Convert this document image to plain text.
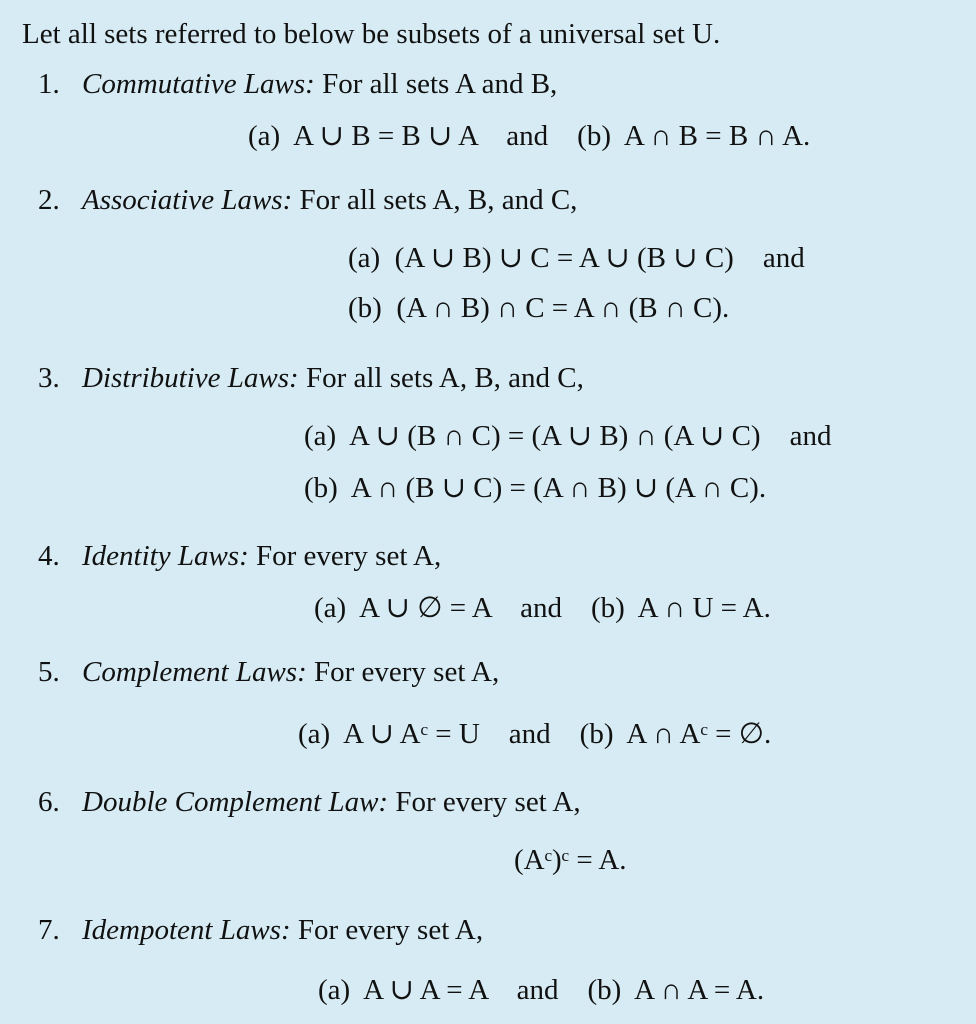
Let all sets referred to below be subsets of a universal set U.
1. Commutative Laws: For all sets A and B,
(a)  A ∪ B = B ∪ A    and    (b)  A ∩ B = B ∩ A.
2. Associative Laws: For all sets A, B, and C,
(a)  (A ∪ B) ∪ C = A ∪ (B ∪ C)    and
(b)  (A ∩ B) ∩ C = A ∩ (B ∩ C).
3. Distributive Laws: For all sets A, B, and C,
(a)  A ∪ (B ∩ C) = (A ∪ B) ∩ (A ∪ C)    and
(b)  A ∩ (B ∪ C) = (A ∩ B) ∪ (A ∩ C).
4. Identity Laws: For every set A,
(a)  A ∪ ∅ = A    and    (b)  A ∩ U = A.
5. Complement Laws: For every set A,
(a)  A ∪ Aᶜ = U    and    (b)  A ∩ Aᶜ = ∅.
6. Double Complement Law: For every set A,
(Aᶜ)ᶜ = A.
7. Idempotent Laws: For every set A,
(a)  A ∪ A = A    and    (b)  A ∩ A = A.
